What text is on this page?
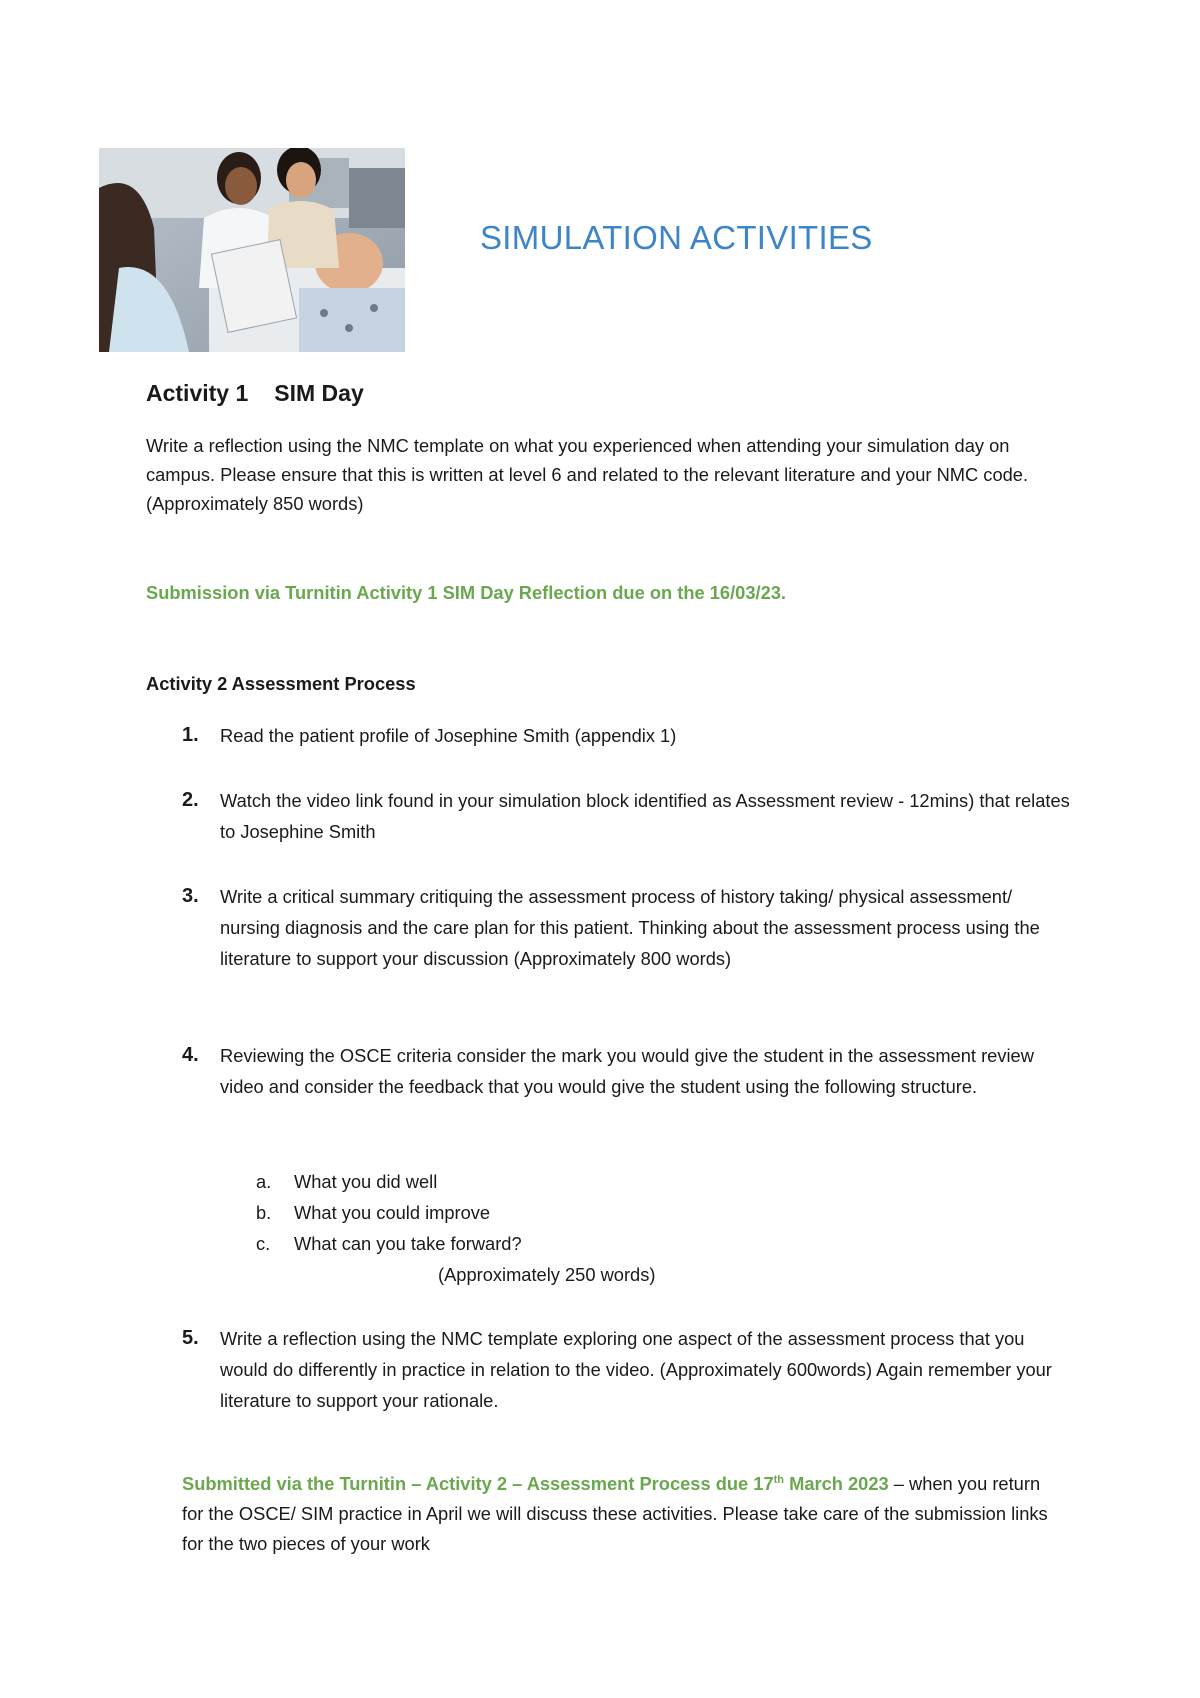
SIMULATION ACTIVITIES
Activity 1 SIM Day
Write a reflection using the NMC template on what you experienced when attending your simulation day on campus. Please ensure that this is written at level 6 and related to the relevant literature and your NMC code. (Approximately 850 words)
Submission via Turnitin Activity 1 SIM Day Reflection due on the 16/03/23.
Activity 2 Assessment Process
1. Read the patient profile of Josephine Smith (appendix 1)
2. Watch the video link found in your simulation block identified as Assessment review - 12mins) that relates to Josephine Smith
3. Write a critical summary critiquing the assessment process of history taking/ physical assessment/ nursing diagnosis and the care plan for this patient. Thinking about the assessment process using the literature to support your discussion (Approximately 800 words)
4. Reviewing the OSCE criteria consider the mark you would give the student in the assessment review video and consider the feedback that you would give the student using the following structure.
a. What you did well
b. What you could improve
c. What can you take forward?
(Approximately 250 words)
5. Write a reflection using the NMC template exploring one aspect of the assessment process that you would do differently in practice in relation to the video. (Approximately 600words) Again remember your literature to support your rationale.
Submitted via the Turnitin – Activity 2 – Assessment Process due 17th March 2023 – when you return for the OSCE/ SIM practice in April we will discuss these activities. Please take care of the submission links for the two pieces of your work
